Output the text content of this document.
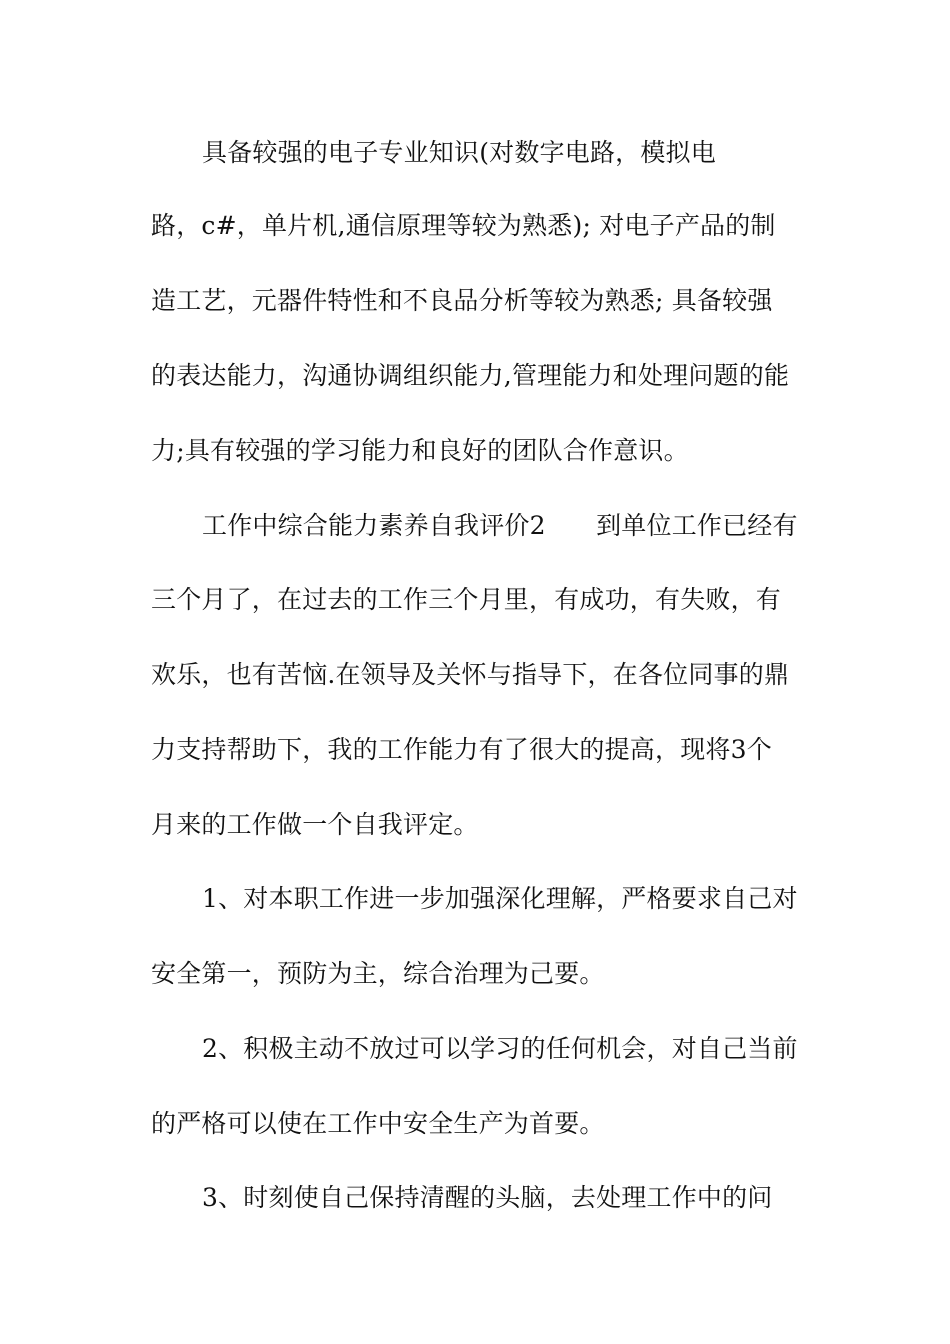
具备较强的电子专业知识(对数字电路，模拟电
路，c#，单片机,通信原理等较为熟悉); 对电子产品的制
造工艺，元器件特性和不良品分析等较为熟悉; 具备较强
的表达能力，沟通协调组织能力,管理能力和处理问题的能
力;具有较强的学习能力和良好的团队合作意识。
工作中综合能力素养自我评价2　　到单位工作已经有
三个月了，在过去的工作三个月里，有成功，有失败，有
欢乐，也有苦恼.在领导及关怀与指导下，在各位同事的鼎
力支持帮助下，我的工作能力有了很大的提高，现将3个
月来的工作做一个自我评定。
1、对本职工作进一步加强深化理解，严格要求自己对
安全第一，预防为主，综合治理为己要。
2、积极主动不放过可以学习的任何机会，对自己当前
的严格可以使在工作中安全生产为首要。
3、时刻使自己保持清醒的头脑，去处理工作中的问
